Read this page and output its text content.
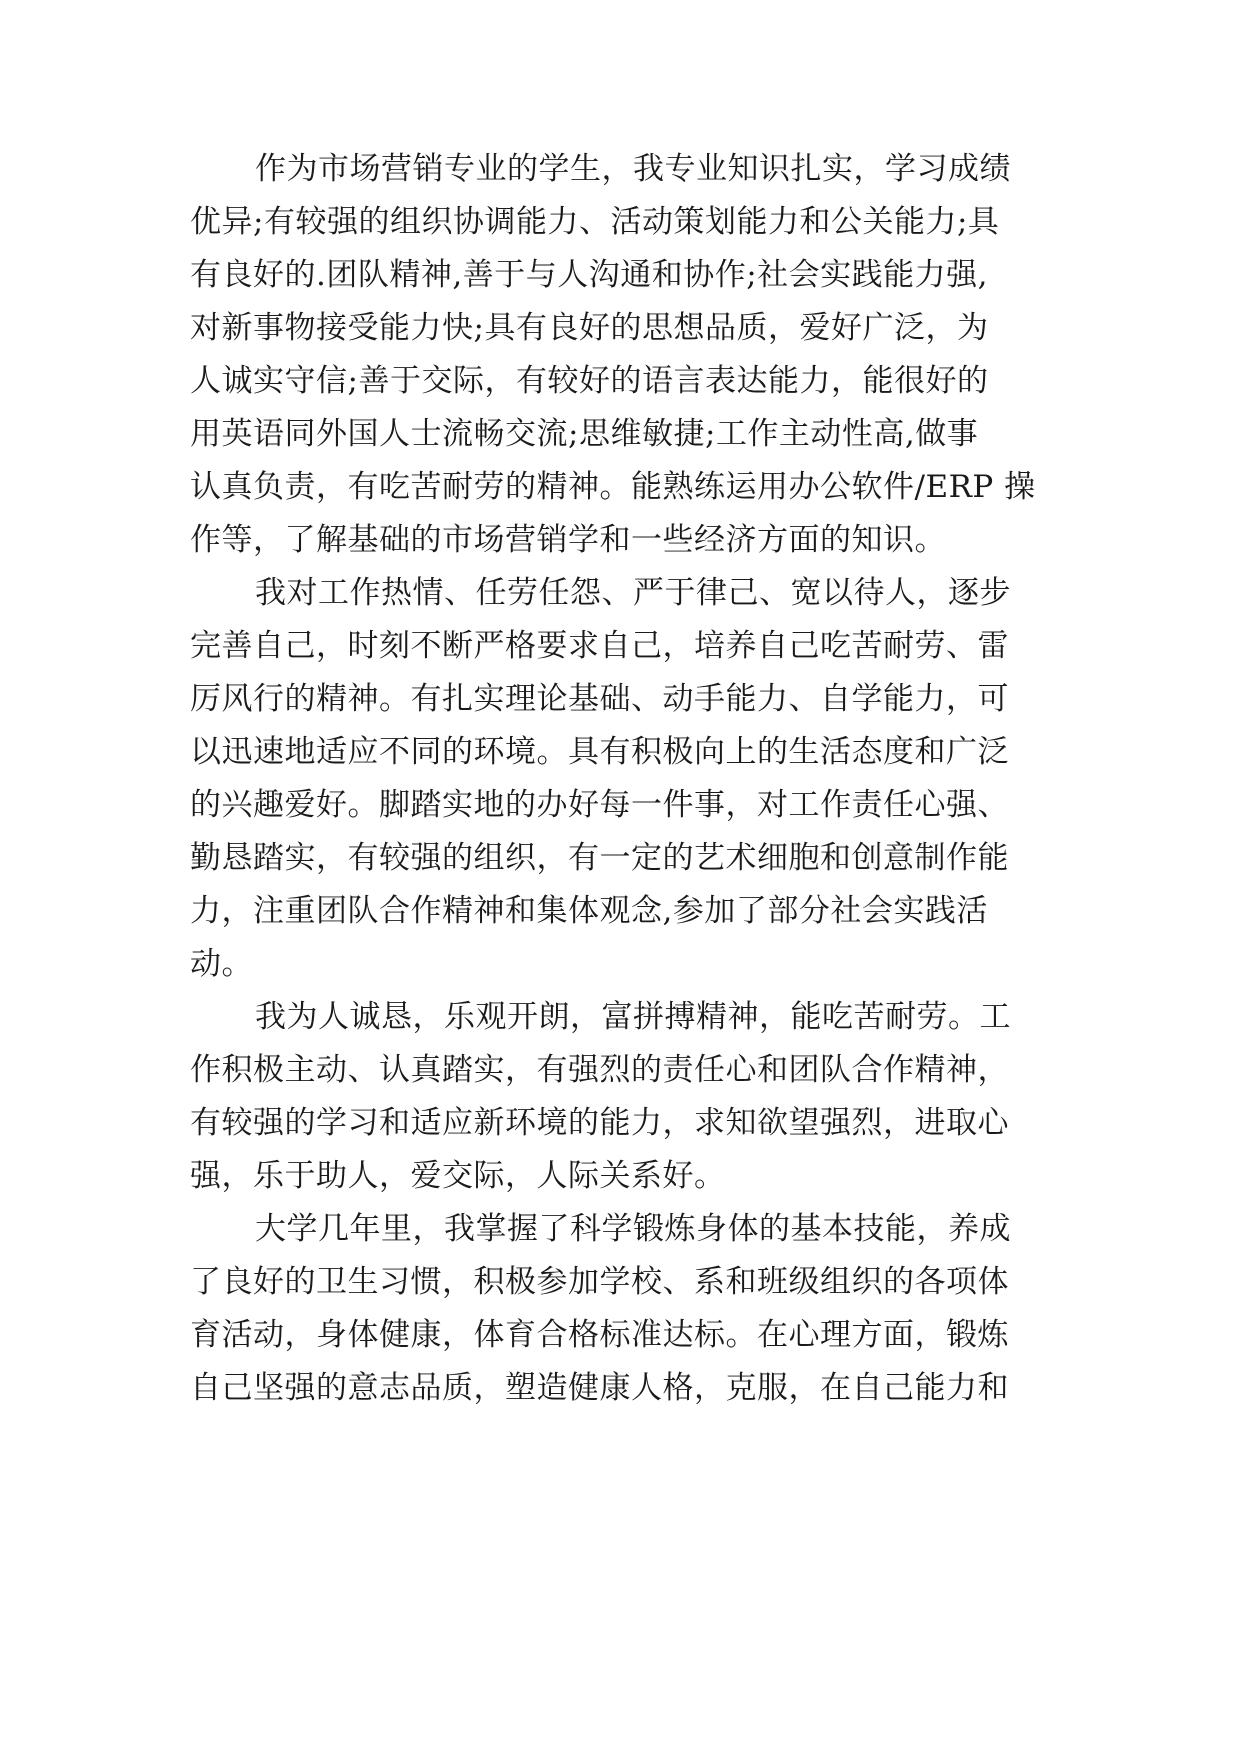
作为市场营销专业的学生，我专业知识扎实，学习成绩
优异;有较强的组织协调能力、活动策划能力和公关能力;具
有良好的.团队精神,善于与人沟通和协作;社会实践能力强,
对新事物接受能力快;具有良好的思想品质，爱好广泛，为
人诚实守信;善于交际，有较好的语言表达能力，能很好的
用英语同外国人士流畅交流;思维敏捷;工作主动性高,做事
认真负责，有吃苦耐劳的精神。能熟练运用办公软件/ERP 操
作等，了解基础的市场营销学和一些经济方面的知识。
我对工作热情、任劳任怨、严于律己、宽以待人，逐步
完善自己，时刻不断严格要求自己，培养自己吃苦耐劳、雷
厉风行的精神。有扎实理论基础、动手能力、自学能力，可
以迅速地适应不同的环境。具有积极向上的生活态度和广泛
的兴趣爱好。脚踏实地的办好每一件事，对工作责任心强、
勤恳踏实，有较强的组织，有一定的艺术细胞和创意制作能
力，注重团队合作精神和集体观念,参加了部分社会实践活
动。
我为人诚恳，乐观开朗，富拼搏精神，能吃苦耐劳。工
作积极主动、认真踏实，有强烈的责任心和团队合作精神，
有较强的学习和适应新环境的能力，求知欲望强烈，进取心
强，乐于助人，爱交际，人际关系好。
大学几年里，我掌握了科学锻炼身体的基本技能，养成
了良好的卫生习惯，积极参加学校、系和班级组织的各项体
育活动，身体健康，体育合格标准达标。在心理方面，锻炼
自己坚强的意志品质，塑造健康人格，克服，在自己能力和
